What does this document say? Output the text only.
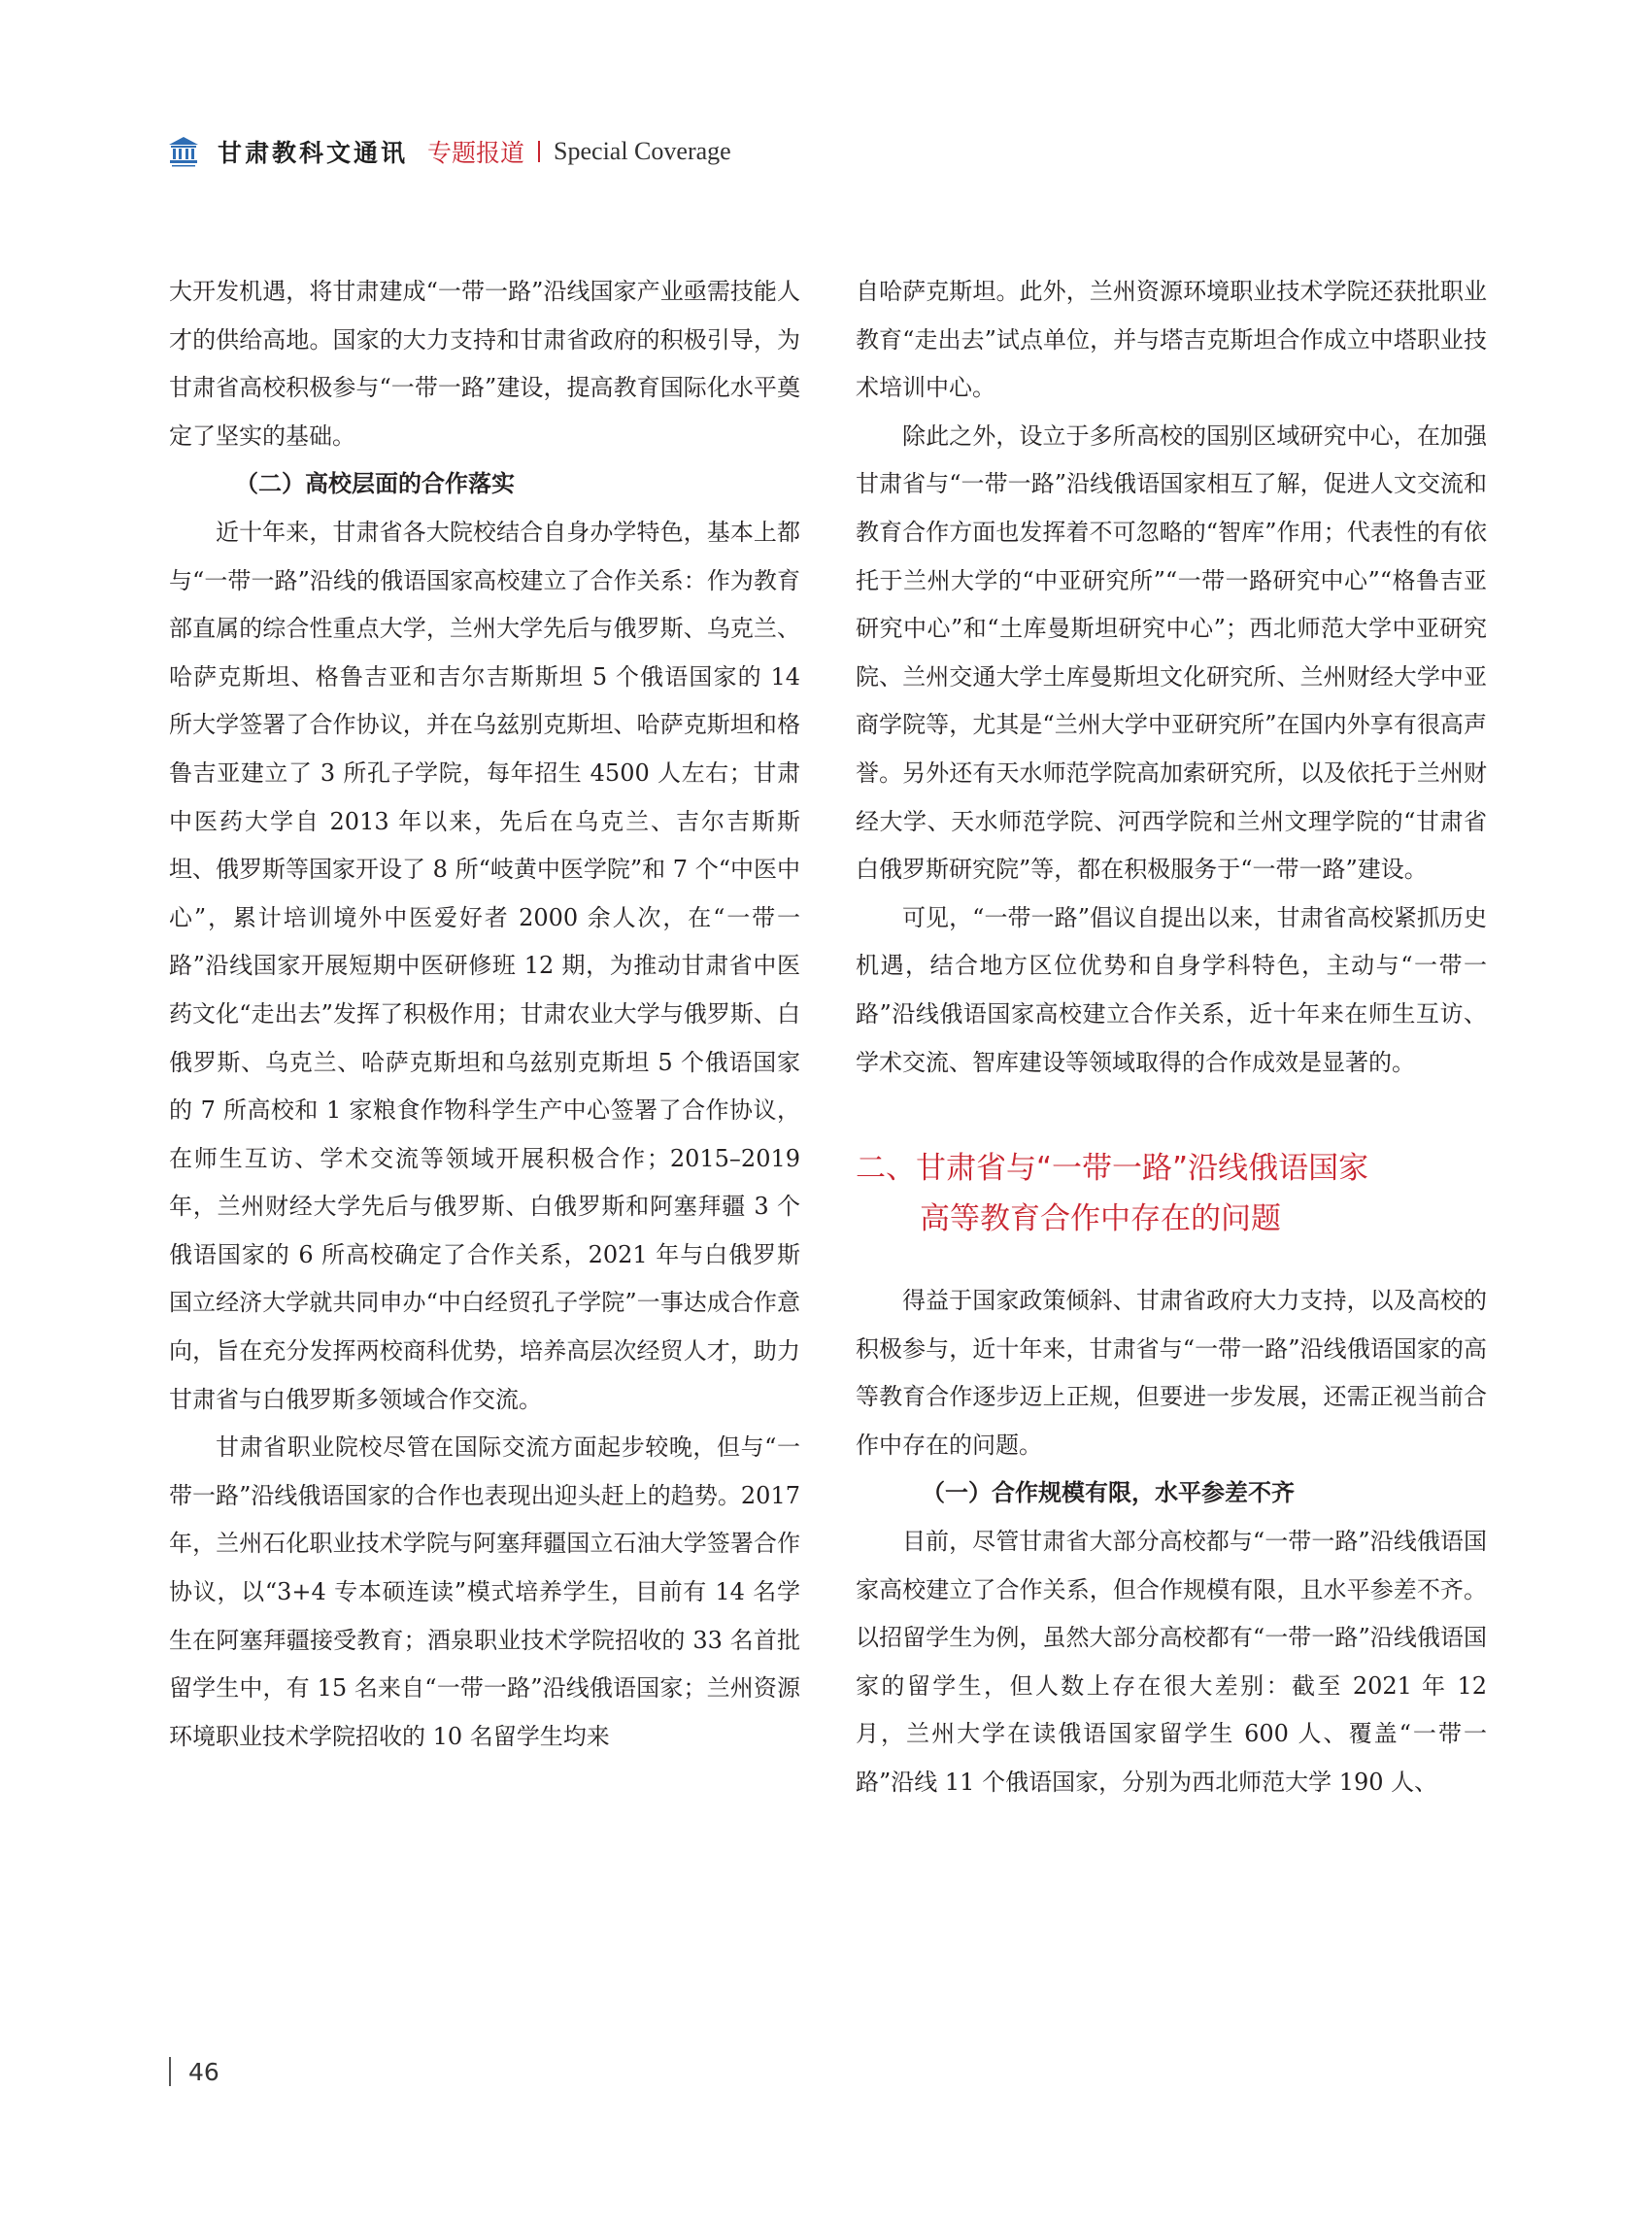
甘肃教科文通讯 专题报道 Special Coverage

大开发机遇，将甘肃建成“一带一路”沿线国家产业亟需技能人才的供给高地。国家的大力支持和甘肃省政府的积极引导，为甘肃省高校积极参与“一带一路”建设，提高教育国际化水平奠定了坚实的基础。

（二）高校层面的合作落实

近十年来，甘肃省各大院校结合自身办学特色，基本上都与“一带一路”沿线的俄语国家高校建立了合作关系：作为教育部直属的综合性重点大学，兰州大学先后与俄罗斯、乌克兰、哈萨克斯坦、格鲁吉亚和吉尔吉斯斯坦 5 个俄语国家的 14 所大学签署了合作协议，并在乌兹别克斯坦、哈萨克斯坦和格鲁吉亚建立了 3 所孔子学院，每年招生 4500 人左右；甘肃中医药大学自 2013 年以来，先后在乌克兰、吉尔吉斯斯坦、俄罗斯等国家开设了 8 所“岐黄中医学院”和 7 个“中医中心”，累计培训境外中医爱好者 2000 余人次，在“一带一路”沿线国家开展短期中医研修班 12 期，为推动甘肃省中医药文化“走出去”发挥了积极作用；甘肃农业大学与俄罗斯、白俄罗斯、乌克兰、哈萨克斯坦和乌兹别克斯坦 5 个俄语国家的 7 所高校和 1 家粮食作物科学生产中心签署了合作协议，在师生互访、学术交流等领域开展积极合作；2015–2019 年，兰州财经大学先后与俄罗斯、白俄罗斯和阿塞拜疆 3 个俄语国家的 6 所高校确定了合作关系，2021 年与白俄罗斯国立经济大学就共同申办“中白经贸孔子学院”一事达成合作意向，旨在充分发挥两校商科优势，培养高层次经贸人才，助力甘肃省与白俄罗斯多领域合作交流。

甘肃省职业院校尽管在国际交流方面起步较晚，但与“一带一路”沿线俄语国家的合作也表现出迎头赶上的趋势。2017 年，兰州石化职业技术学院与阿塞拜疆国立石油大学签署合作协议，以“3+4 专本硕连读”模式培养学生，目前有 14 名学生在阿塞拜疆接受教育；酒泉职业技术学院招收的 33 名首批留学生中，有 15 名来自“一带一路”沿线俄语国家；兰州资源环境职业技术学院招收的 10 名留学生均来

自哈萨克斯坦。此外，兰州资源环境职业技术学院还获批职业教育“走出去”试点单位，并与塔吉克斯坦合作成立中塔职业技术培训中心。

除此之外，设立于多所高校的国别区域研究中心，在加强甘肃省与“一带一路”沿线俄语国家相互了解，促进人文交流和教育合作方面也发挥着不可忽略的“智库”作用；代表性的有依托于兰州大学的“中亚研究所”“一带一路研究中心”“格鲁吉亚研究中心”和“土库曼斯坦研究中心”；西北师范大学中亚研究院、兰州交通大学土库曼斯坦文化研究所、兰州财经大学中亚商学院等，尤其是“兰州大学中亚研究所”在国内外享有很高声誉。另外还有天水师范学院高加索研究所，以及依托于兰州财经大学、天水师范学院、河西学院和兰州文理学院的“甘肃省白俄罗斯研究院”等，都在积极服务于“一带一路”建设。

可见，“一带一路”倡议自提出以来，甘肃省高校紧抓历史机遇，结合地方区位优势和自身学科特色，主动与“一带一路”沿线俄语国家高校建立合作关系，近十年来在师生互访、学术交流、智库建设等领域取得的合作成效是显著的。

二、甘肃省与“一带一路”沿线俄语国家
高等教育合作中存在的问题

得益于国家政策倾斜、甘肃省政府大力支持，以及高校的积极参与，近十年来，甘肃省与“一带一路”沿线俄语国家的高等教育合作逐步迈上正规，但要进一步发展，还需正视当前合作中存在的问题。

（一）合作规模有限，水平参差不齐

目前，尽管甘肃省大部分高校都与“一带一路”沿线俄语国家高校建立了合作关系，但合作规模有限，且水平参差不齐。以招留学生为例，虽然大部分高校都有“一带一路”沿线俄语国家的留学生，但人数上存在很大差别：截至 2021 年 12 月，兰州大学在读俄语国家留学生 600 人、覆盖“一带一路”沿线 11 个俄语国家，分别为西北师范大学 190 人、

46
